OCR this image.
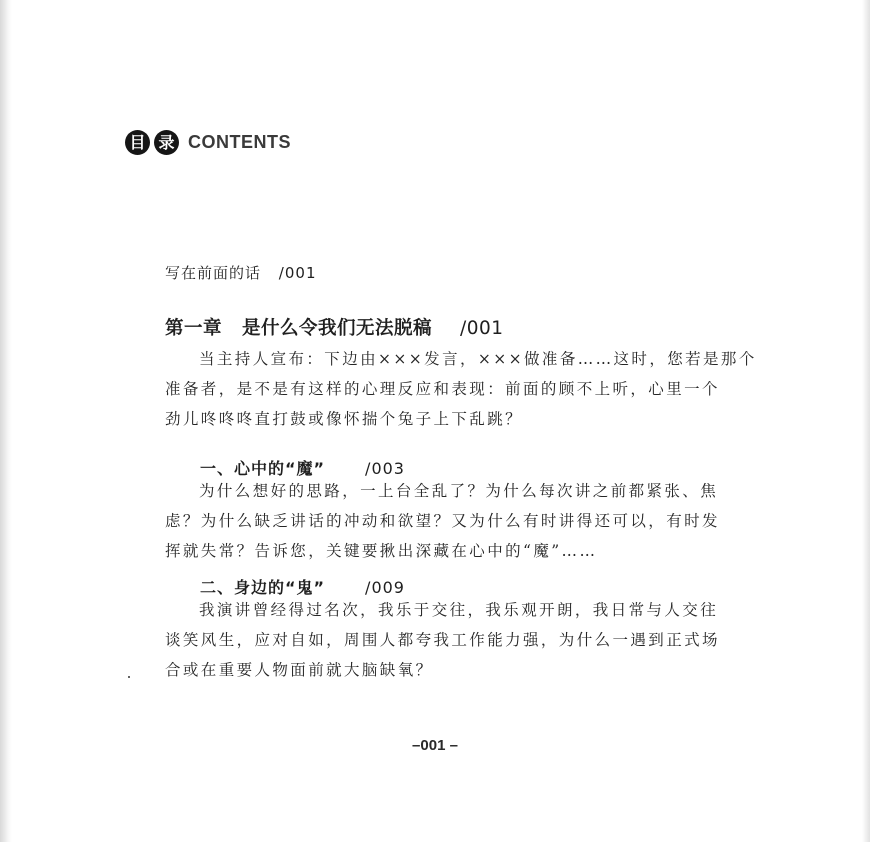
目 录 CONTENTS
写在前面的话 /001
第一章 是什么令我们无法脱稿 /001
当主持人宣布：下边由×××发言，×××做准备……这时，您若是那个
准备者，是不是有这样的心理反应和表现：前面的顾不上听，心里一个
劲儿咚咚咚直打鼓或像怀揣个兔子上下乱跳？
一、心中的“魔”	/003
为什么想好的思路，一上台全乱了？为什么每次讲之前都紧张、焦
虑？为什么缺乏讲话的冲动和欲望？又为什么有时讲得还可以，有时发
挥就失常？告诉您，关键要揪出深藏在心中的“魔”……
二、身边的“鬼”	/009
我演讲曾经得过名次，我乐于交往，我乐观开朗，我日常与人交往
谈笑风生，应对自如，周围人都夸我工作能力强，为什么一遇到正式场
合或在重要人物面前就大脑缺氧？
–001 –
